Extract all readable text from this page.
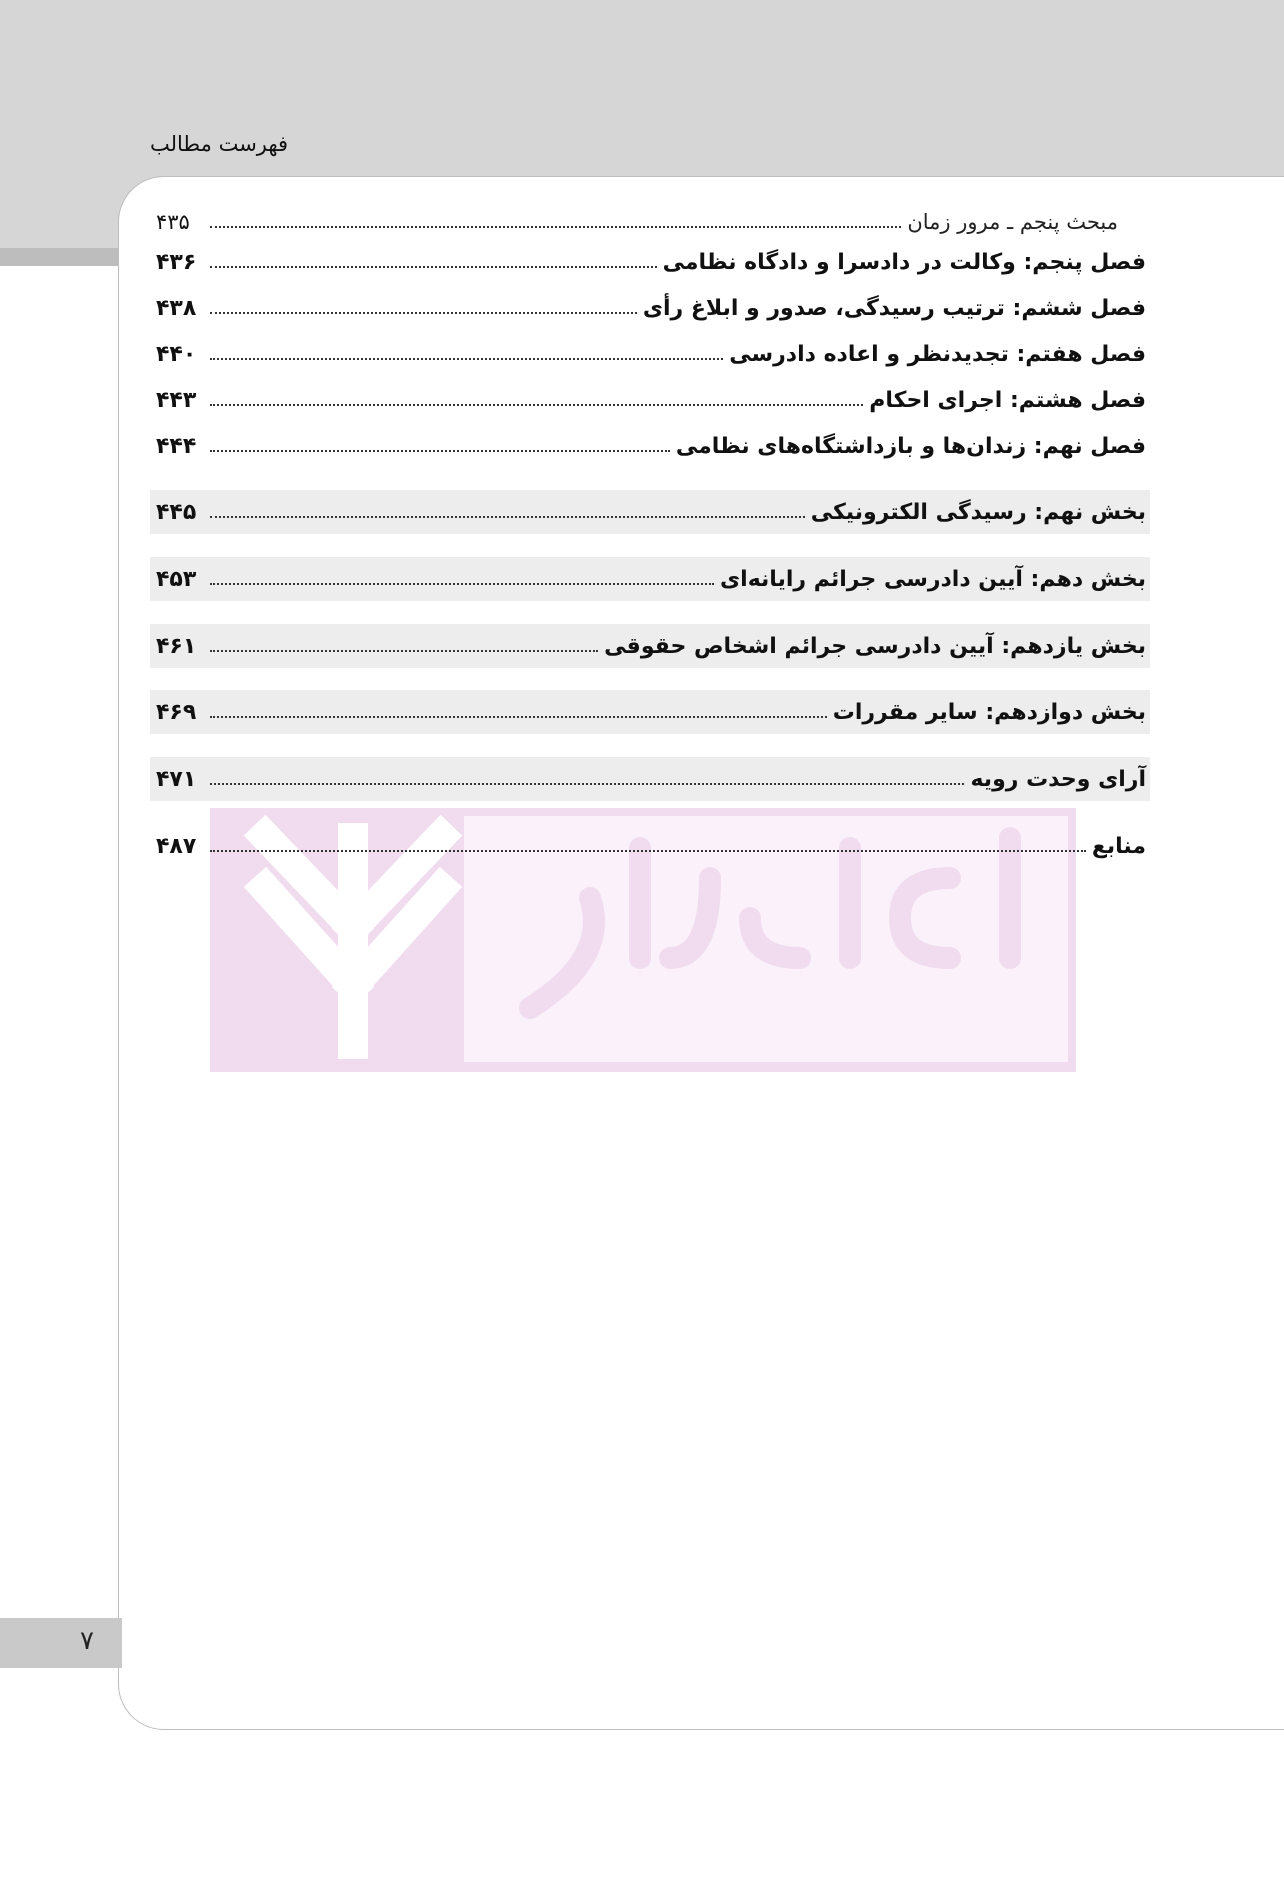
فهرست مطالب
مبحث پنجم ـ مرور زمان
۴۳۵
فصل پنجم: وکالت در دادسرا و دادگاه نظامی
۴۳۶
فصل ششم: ترتیب رسیدگی، صدور و ابلاغ رأی
۴۳۸
فصل هفتم: تجدیدنظر و اعاده دادرسی
۴۴۰
فصل هشتم: اجرای احکام
۴۴۳
فصل نهم: زندان‌ها و بازداشتگاه‌های نظامی
۴۴۴
بخش نهم: رسیدگی الکترونیکی
۴۴۵
بخش دهم: آیین دادرسی جرائم رایانه‌ای
۴۵۳
بخش یازدهم: آیین دادرسی جرائم اشخاص حقوقی
۴۶۱
بخش دوازدهم: سایر مقررات
۴۶۹
آرای وحدت رویه
۴۷۱
منابع
۴۸۷
۷
